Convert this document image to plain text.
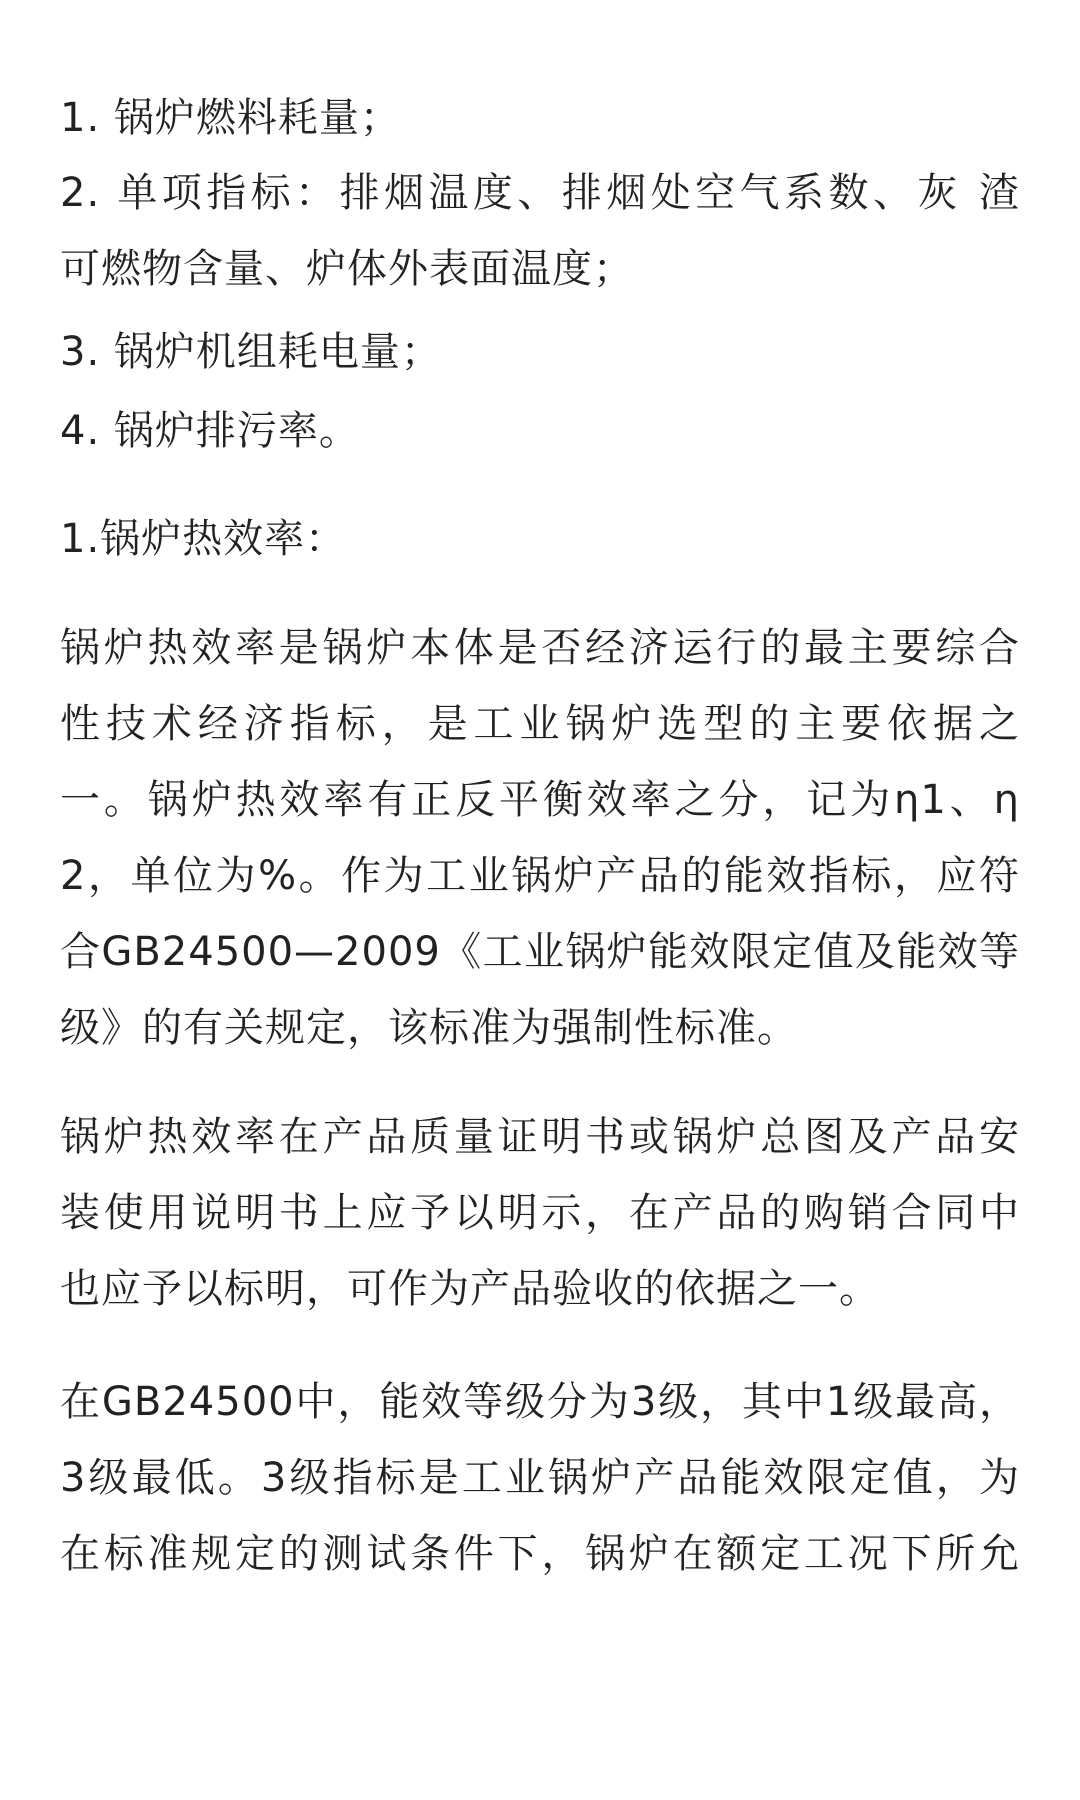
1. 锅炉燃料耗量；

2. 单项指标：排烟温度、排烟处空气系数、灰 渣
可燃物含量、炉体外表面温度；

3. 锅炉机组耗电量；

4. 锅炉排污率。

1.锅炉热效率：

锅炉热效率是锅炉本体是否经济运行的最主要综合
性技术经济指标，是工业锅炉选型的主要依据之
一。锅炉热效率有正反平衡效率之分，记为η1、η
2，单位为%。作为工业锅炉产品的能效指标，应符
合GB24500—2009《工业锅炉能效限定值及能效等
级》的有关规定，该标准为强制性标准。

锅炉热效率在产品质量证明书或锅炉总图及产品安
装使用说明书上应予以明示，在产品的购销合同中
也应予以标明，可作为产品验收的依据之一。

在GB24500中，能效等级分为3级，其中1级最高，
3级最低。3级指标是工业锅炉产品能效限定值，为
在标准规定的测试条件下，锅炉在额定工况下所允
